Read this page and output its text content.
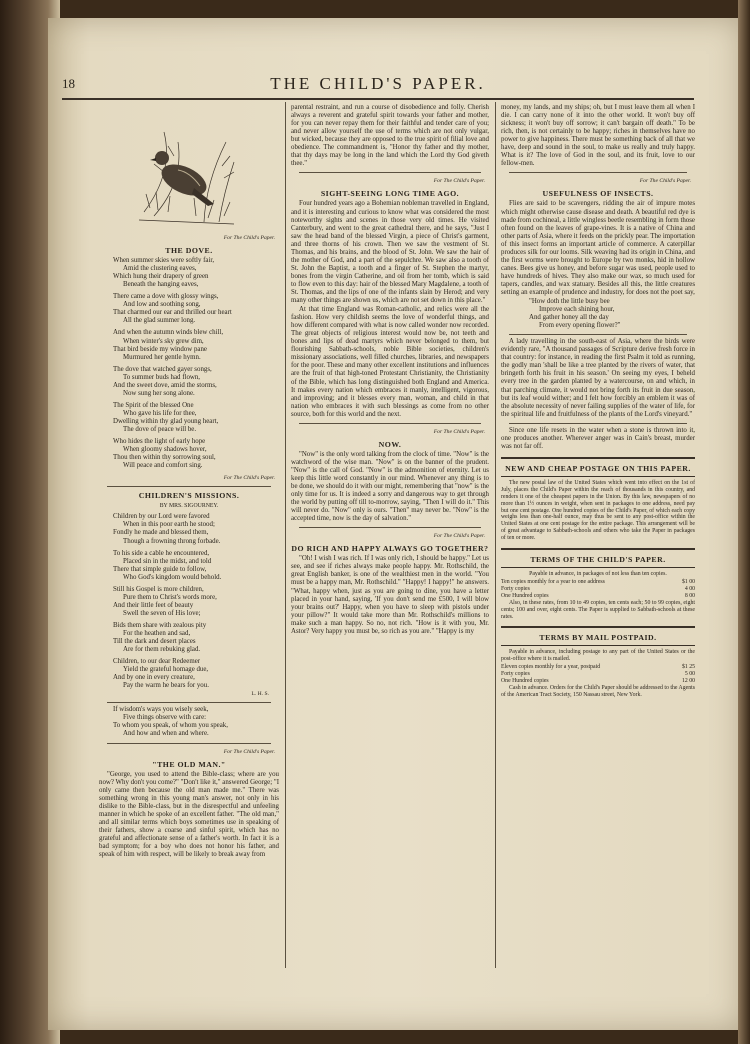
18	THE CHILD'S PAPER.
For The Child's Paper.
THE DOVE.

When summer skies were softly fair,

Amid the clustering eaves,

Which hung their drapery of green

Beneath the hanging eaves,

There came a dove with glossy wings,

And low and soothing song,

That charmed our ear and thrilled our heart

All the glad summer long.

And when the autumn winds blew chill,

When winter's sky grew dim,

That bird beside my window pane

Murmured her gentle hymn.

The dove that watched gayer songs,

To summer buds had flown,

And the sweet dove, amid the storms,

Now sung her song alone.

The Spirit of the blessed One

Who gave his life for thee,

Dwelling within thy glad young heart,

The dove of peace will be.

Who hides the light of early hope

When gloomy shadows hover,

Thou then within thy sorrowing soul,

Will peace and comfort sing.

For The Child's Paper.
CHILDREN'S MISSIONS.
BY MRS. SIGOURNEY.

Children by our Lord were favored

When in this poor earth he stood;

Fondly he made and blessed them,

Though a frowning throng forbade.

To his side a cable he encountered,

Placed sin in the midst, and told

There that simple guide to follow,

Who God's kingdom would behold.

Still his Gospel is more children,

Pure them to Christ's words more,

And their little feet of beauty

Swell the seven of His love;

Bids them share with zealous pity

For the heathen and sad,

Till the dark and desert places

Are for them rebuking glad.

Children, to our dear Redeemer

Yield the grateful homage due,

And by one in every creature,

Pay the warm he bears for you.

L. H. S.

If wisdom's ways you wisely seek,

Five things observe with care:

To whom you speak, of whom you speak,

And how and when and where.

For The Child's Paper.
"THE OLD MAN."

"George, you used to attend the Bible-class; where are you now? Why don't you come?" "Don't like it," answered George; "I only came then because the old man made me." There was something wrong in this young man's answer, not only in his dislike to the Bible-class, but in the disrespectful and unfeeling manner in which he spoke of an excellent father. "The old man," and all similar terms which boys sometimes use in speaking of their fathers, show a coarse and sinful spirit, which has no grateful and affectionate sense of a father's worth. In fact it is a bad symptom; for a boy who does not honor his father, and speak of him with respect, will be likely to break away from

parental restraint, and run a course of disobedience and folly. Cherish always a reverent and grateful spirit towards your father and mother, for you can never repay them for their faithful and tender care of you; and never allow yourself the use of terms which are not only vulgar, but wicked, because they are opposed to the true spirit of filial love and obedience. The commandment is, "Honor thy father and thy mother, that thy days may be long in the land which the Lord thy God giveth thee."

For The Child's Paper.
SIGHT-SEEING LONG TIME AGO.

Four hundred years ago a Bohemian nobleman travelled in England, and it is interesting and curious to know what was considered the most noteworthy sights and scenes in those very old times. He visited Canterbury, and went to the great cathedral there, and he says, "Just I saw the head band of the blessed Virgin, a piece of Christ's garment, and three thorns of his crown. Then we saw the vestment of St. Thomas, and his brains, and the blood of St. John. We saw the hair of the mother of God, and a part of the sepulchre. We saw also a tooth of St. John the Baptist, a tooth and a finger of St. Stephen the martyr, bones from the virgin Catherine, and oil from her tomb, which is said to flow even to this day: hair of the blessed Mary Magdalene, a tooth of St. Thomas, and the lips of one of the infants slain by Herod; and very many other things are shown us, which are not set down in this place."

At that time England was Roman-catholic, and relics were all the fashion. How very childish seems the love of wonderful things, and how different compared with what is now called wonder now recorded. The great objects of religious interest would now be, not teeth and bones and lips of dead martyrs which never belonged to them, but flourishing Sabbath-schools, noble Bible societies, children's missionary associations, well filled churches, libraries, and newspapers for the poor. These and many other excellent institutions and influences are the fruit of that high-toned Protestant Christianity, the Christianity of the Bible, which has long distinguished both England and America. It makes every nation which embraces it manly, intelligent, vigorous, and improving; and it blesses every man, woman, and child in that nation who embraces it with such blessings as come from no other source, both for this world and the next.

For The Child's Paper.
NOW.

"Now" is the only word talking from the clock of time. "Now" is the watchword of the wise man. "Now" is on the banner of the prudent. "Now" is the call of God. "Now" is the admonition of eternity. Let us keep this little word constantly in our mind. Whenever any thing is to be done, we should do it with our might, remembering that "now" is the only time for us. It is indeed a sorry and dangerous way to get through the world by putting off till to-morrow, saying, "Then I will do it." This will never do. "Now" only is ours. "Then" may never be. "Now" is the accepted time, now is the day of salvation."

For The Child's Paper.
DO RICH AND HAPPY ALWAYS GO TOGETHER?

"Oh! I wish I was rich. If I was only rich, I should be happy." Let us see, and see if riches always make people happy. Mr. Rothschild, the great English banker, is one of the wealthiest men in the world. "You must be a happy man, Mr. Rothschild." "Happy! I happy!" he answers. "What, happy when, just as you are going to dine, you have a letter placed in your hand, saying, 'If you don't send me £500, I will blow your brains out?' Happy, when you have to sleep with pistols under your pillow?" It would take more than Mr. Rothschild's millions to make such a man happy. So no, not rich. "How is it with you, Mr. Astor? Very happy you must be, so rich as you are." "Happy is my

money, my lands, and my ships; oh, but I must leave them all when I die. I can carry none of it into the other world. It won't buy off sickness; it won't buy off sorrow; it can't bargain off death." To be rich, then, is not certainly to be happy; riches in themselves have no power to give happiness. There must be something back of all that we have, deep and sound in the soul, to make us really and truly happy. What is it? The love of God in the soul, and its fruit, love to our fellow-men.

For The Child's Paper.
USEFULNESS OF INSECTS.

Flies are said to be scavengers, ridding the air of impure motes which might otherwise cause disease and death. A beautiful red dye is made from cochineal, a little wingless beetle resembling in form those often found on the leaves of grape-vines. It is a native of China and other parts of Asia, where it feeds on the prickly pear. The importation of this insect forms an important article of commerce. A caterpillar produces silk for our looms. Silk weaving had its origin in China, and the first worms were brought to Europe by two monks, hid in hollow canes. Bees give us honey, and before sugar was used, people used to have hundreds of hives. They also make our wax, so much used for tapers, candles, and wax statuary. Besides all this, the little creatures setting an example of prudence and industry, for does not the poet say,

"How doth the little busy bee

Improve each shining hour,

And gather honey all the day

From every opening flower?"

A lady travelling in the south-east of Asia, where the birds were evidently rare, "A thousand passages of Scripture derive fresh force in that country: for instance, in reading the first Psalm it told as running, the godly man 'shall be like a tree planted by the rivers of water, that bringeth forth his fruit in his season.' On seeing my eyes, I beheld every tree in the garden planted by a watercourse, on and which, in that parching climate, it would not bring forth its fruit in due season, but its leaf would wither; and I felt how forcibly an emblem it was of the absolute necessity of never failing supplies of the water of life, for the spiritual life and fruitfulness of the plants of the Lord's vineyard."

Since one life resets in the water when a stone is thrown into it, one produces another. Wherever anger was in Cain's breast, murder was not far off.

NEW AND CHEAP POSTAGE ON THIS PAPER.

The new postal law of the United States which went into effect on the 1st of July, places the Child's Paper within the reach of thousands in this country, and renders it one of the cheapest papers in the Union. By this law, newspapers of no more than 1½ ounces in weight, when sent in packages to one address, need pay but one cent postage. One hundred copies of the Child's Paper, of which each copy weighs less than one-half ounce, may thus be sent to any post-office within the United States at one cent postage for the entire package. This arrangement will be of great advantage to Sabbath-schools and others who take the Paper in packages of ten or more.

TERMS OF THE CHILD'S PAPER.

Payable in advance, in packages of not less than ten copies.

Ten copies monthly for a year to one address	$1 00
Forty copies	4 00
One Hundred copies	8 00

Also, in these rates, from 10 to 49 copies, ten cents each; 50 to 99 copies, eight cents; 100 and over, eight cents. The Paper is supplied to Sabbath-schools at these rates.

TERMS BY MAIL POSTPAID.

Payable in advance, including postage to any part of the United States or the post-office where it is mailed.

Eleven copies monthly for a year, postpaid	$1 25
Forty copies	5 00
One Hundred copies	12 00

Cash in advance. Orders for the Child's Paper should be addressed to the Agents of the American Tract Society, 150 Nassau street, New York.
